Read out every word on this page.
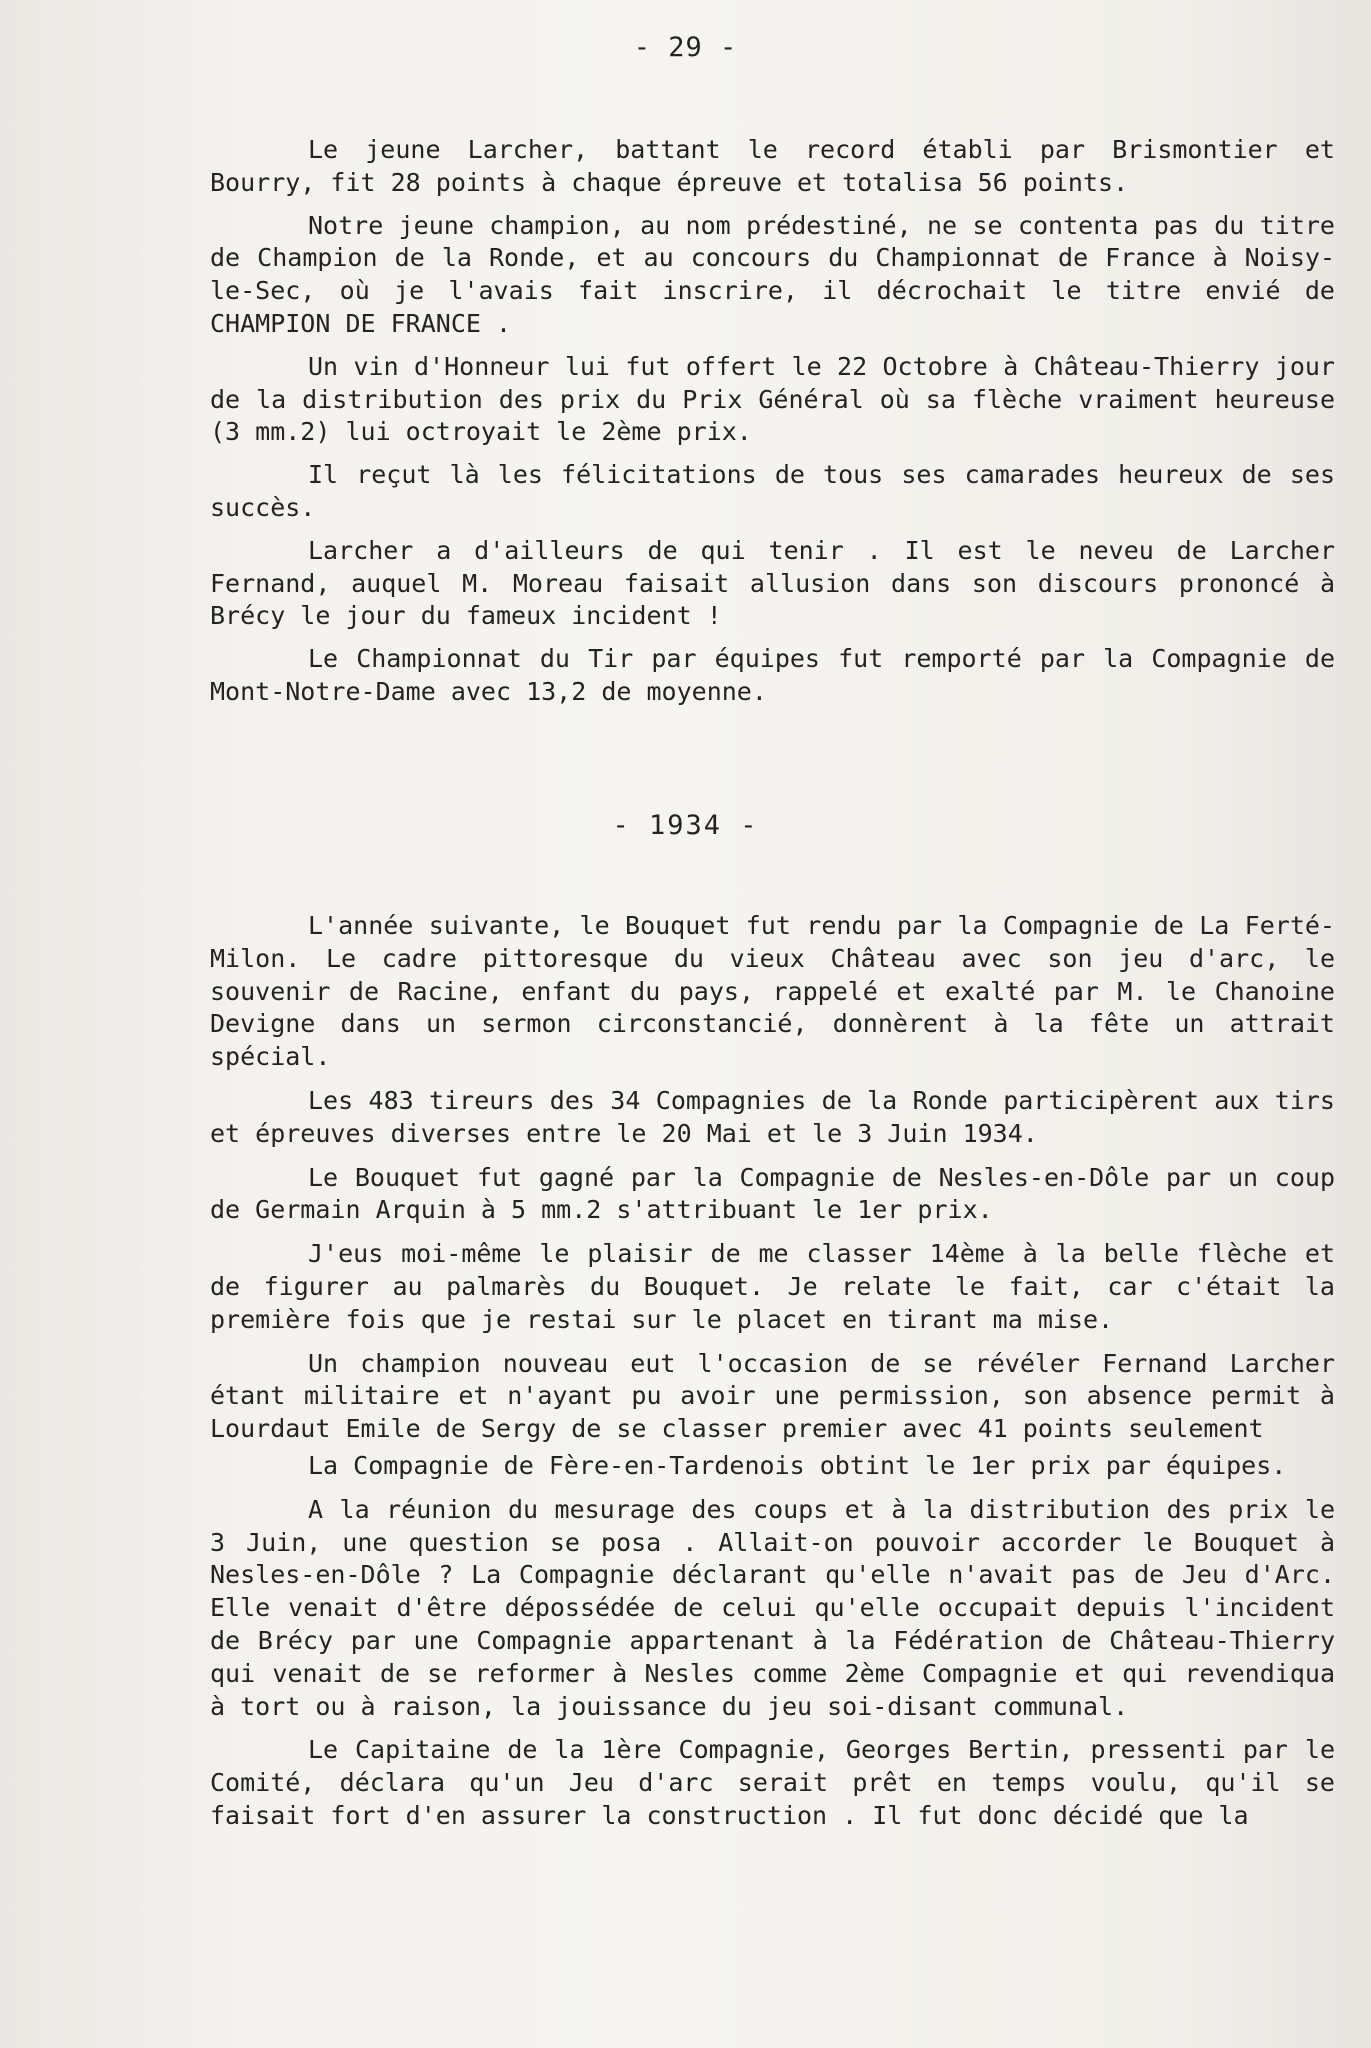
- 29 -

Le jeune Larcher, battant le record établi par Brismontier et Bourry, fit 28 points à chaque épreuve et totalisa 56 points.

Notre jeune champion, au nom prédestiné, ne se contenta pas du titre de Champion de la Ronde, et au concours du Championnat de France à Noisy-le-Sec, où je l'avais fait inscrire, il décrochait le titre envié de CHAMPION DE FRANCE .

Un vin d'Honneur lui fut offert le 22 Octobre à Château-Thierry jour de la distribution des prix du Prix Général où sa flèche vraiment heureuse (3 mm.2) lui octroyait le 2ème prix.

Il reçut là les félicitations de tous ses camarades heureux de ses succès.

Larcher a d'ailleurs de qui tenir . Il est le neveu de Larcher Fernand, auquel M. Moreau faisait allusion dans son discours prononcé à Brécy le jour du fameux incident !

Le Championnat du Tir par équipes fut remporté par la Compagnie de Mont-Notre-Dame avec 13,2 de moyenne.

- 1934 -

L'année suivante, le Bouquet fut rendu par la Compagnie de La Ferté-Milon. Le cadre pittoresque du vieux Château avec son jeu d'arc, le souvenir de Racine, enfant du pays, rappelé et exalté par M. le Chanoine Devigne dans un sermon circonstancié, donnèrent à la fête un attrait spécial.

Les 483 tireurs des 34 Compagnies de la Ronde participèrent aux tirs et épreuves diverses entre le 20 Mai et le 3 Juin 1934.

Le Bouquet fut gagné par la Compagnie de Nesles-en-Dôle par un coup de Germain Arquin à 5 mm.2 s'attribuant le 1er prix.

J'eus moi-même le plaisir de me classer 14ème à la belle flèche et de figurer au palmarès du Bouquet. Je relate le fait, car c'était la première fois que je restai sur le placet en tirant ma mise.

Un champion nouveau eut l'occasion de se révéler Fernand Larcher étant militaire et n'ayant pu avoir une permission, son absence permit à Lourdaut Emile de Sergy de se classer premier avec 41 points seulement

La Compagnie de Fère-en-Tardenois obtint le 1er prix par équipes.

A la réunion du mesurage des coups et à la distribution des prix le 3 Juin, une question se posa . Allait-on pouvoir accorder le Bouquet à Nesles-en-Dôle ? La Compagnie déclarant qu'elle n'avait pas de Jeu d'Arc. Elle venait d'être dépossédée de celui qu'elle occupait depuis l'incident de Brécy par une Compagnie appartenant à la Fédération de Château-Thierry qui venait de se reformer à Nesles comme 2ème Compagnie et qui revendiqua à tort ou à raison, la jouissance du jeu soi-disant communal.

Le Capitaine de la 1ère Compagnie, Georges Bertin, pressenti par le Comité, déclara qu'un Jeu d'arc serait prêt en temps voulu, qu'il se faisait fort d'en assurer la construction . Il fut donc décidé que la
